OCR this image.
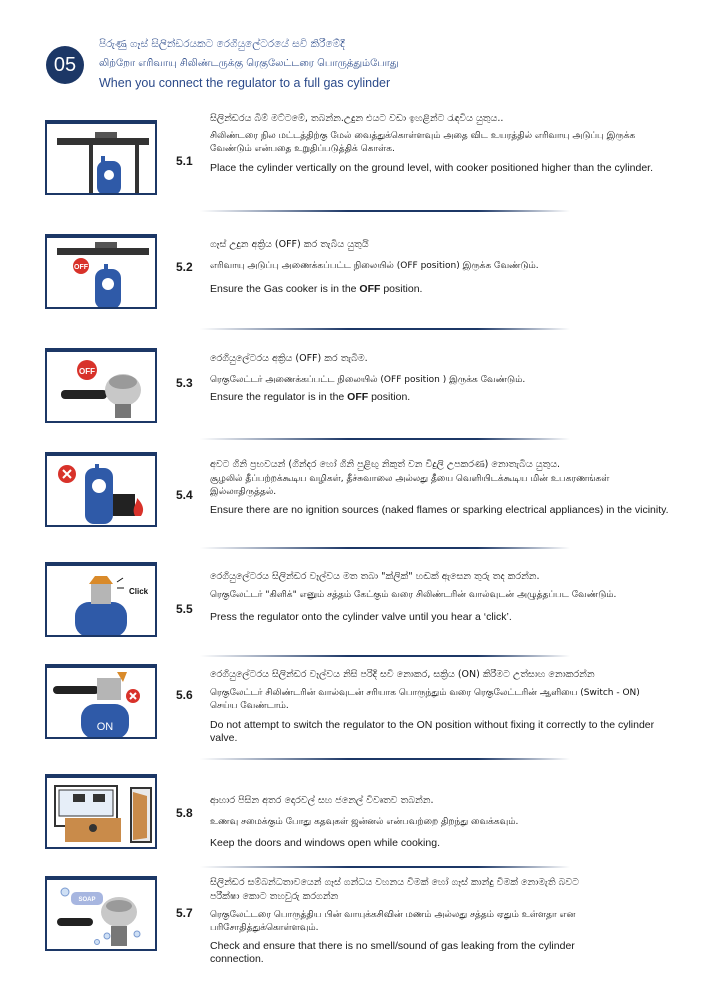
05
පිරුණු ගෑස් සිලින්ඩරයකට රෙගියුලේටරයේ සවි කිරීමේදී
லிற்றோ எரிவாயு சிலிண்டருக்கு ரெகுலேட்டரை பொருத்தும்போது
When you connect the regulator to a full gas cylinder
5.1
සිලින්ඩරය බිම් මට්ටමේ, තබන්න.උදුන එයට වඩා ඉහළින්ට රැඳවිය යුතුය..
சிலிண்டரை நில மட்டத்திற்கு மேல் வைத்துக்கொள்ளவும் அதை விட உயரத்தில் எரிவாயு அடுப்பு இருக்க வேண்டும் என்பதை உறுதிப்படுத்திக் கொள்க.
Place the cylinder vertically on the ground level, with cooker positioned higher than the cylinder.
OFF	5.2
ගෑස් උදුන අක්‍රිය (OFF) කර තැබිය යුතුයි
எரிவாயு அடுப்பு அணைக்கப்பட்ட நிலையில் (OFF position) இருக்க வேண்டும்.
Ensure the Gas cooker is in the OFF position.
OFF
5.3
රෙගියුලේටරය අක්‍රිය (OFF) කර තැබීම.
ரெகுலேட்டர் அணைக்கப்பட்ட நிலையில் (OFF position ) இருக்க வேண்டும்.
Ensure the regulator is in the OFF position.
5.4
අවට ගිනි ප්‍රභවයන් (ගින්දර හෝ ගිනි පුළිඟු නිකුත් වන විදුලි උපකරණ) නොතැබිය යුතුය.
சூழலில் தீப்பற்றக்கூடிய வழிகள், தீச்சுவாலை அல்லது தீயை வெளியிடக்கூடிய மின் உபகரணங்கள் இல்லாதிருத்தல்.
Ensure there are no ignition sources (naked flames or sparking electrical appliances) in the vicinity.
Click
5.5
රෙගියුලේටරය සිලින්ඩර වෑල්වය මත තබා "ක්ලික්" හඬක් ඇසෙන තුරු තද කරන්න.
ரெகுலேட்டர் "கிளிக்" எனும் சத்தம் கேட்கும் வரை சிலிண்டரின் வால்வுடன் அழுத்தப்பட வேண்டும்.
Press the regulator onto the cylinder valve until you hear a ‘click’.
ON
5.6
රෙගියුලේටරය සිලින්ඩර වෑල්වය නිසි පරිදි සවි නොකර, සක්‍රිය (ON) කිරීමට උත්සාහ නොකරන්න
ரெகுலேட்டர் சிலிண்டரின் வால்வுடன் சரியாக பொருந்தும் வரை ரெகுலேட்டரின் ஆளியை (Switch - ON) செய்ய வேண்டாம்.
Do not attempt to switch the regulator to the ON position without fixing it correctly to the cylinder valve.
5.8
ආහාර පිසින අතර දොරවල් සහ ජනෙල් විවෘතව තබන්න.
உணவு சமைக்கும் போது கதவுகள் ஜன்னல் என்பவற்றை திறந்து வைக்கவும்.
Keep the doors and windows open while cooking.
SOAP
5.7
සිලින්ඩර සම්බන්ධතාවයෙන් ගෑස් ගන්ධය වහනය වීමක් හෝ ගෑස් කාන්දු වීමක් නොමැති බවට පරීක්ෂා කොට තහවුරු කරගන්න
ரெகுலேட்டரை பொருத்திய பின் வாயுக்கசிவின் மணம் அல்லது சத்தம் ஏதும் உள்ளதா என பரிசோதித்துக்கொள்ளவும்.
Check and ensure that there is no smell/sound of gas leaking from the cylinder connection.
